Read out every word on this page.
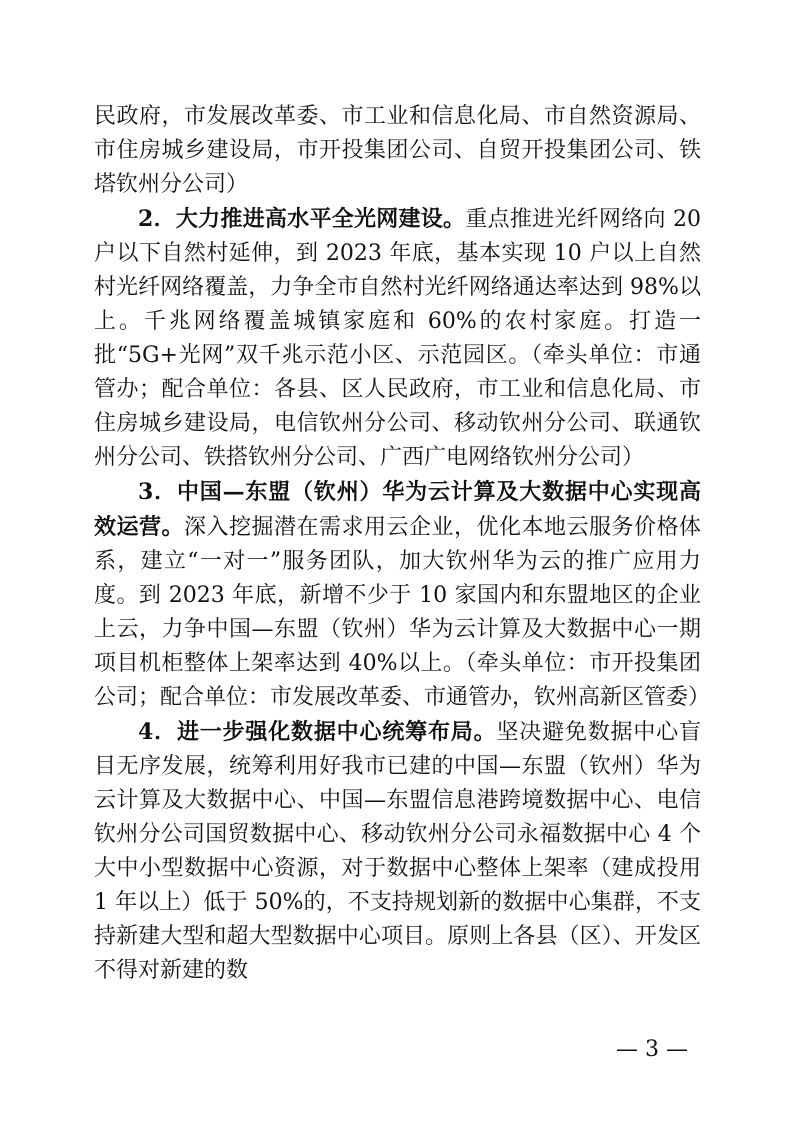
民政府，市发展改革委、市工业和信息化局、市自然资源局、市住房城乡建设局，市开投集团公司、自贸开投集团公司、铁塔钦州分公司）

2．大力推进高水平全光网建设。重点推进光纤网络向 20 户以下自然村延伸，到 2023 年底，基本实现 10 户以上自然村光纤网络覆盖，力争全市自然村光纤网络通达率达到 98%以上。千兆网络覆盖城镇家庭和 60%的农村家庭。打造一批“5G+光网”双千兆示范小区、示范园区。（牵头单位：市通管办；配合单位：各县、区人民政府，市工业和信息化局、市住房城乡建设局，电信钦州分公司、移动钦州分公司、联通钦州分公司、铁搭钦州分公司、广西广电网络钦州分公司）

3．中国—东盟（钦州）华为云计算及大数据中心实现高效运营。深入挖掘潜在需求用云企业，优化本地云服务价格体系，建立“一对一”服务团队，加大钦州华为云的推广应用力度。到 2023 年底，新增不少于 10 家国内和东盟地区的企业上云，力争中国—东盟（钦州）华为云计算及大数据中心一期项目机柜整体上架率达到 40%以上。（牵头单位：市开投集团公司；配合单位：市发展改革委、市通管办，钦州高新区管委）

4．进一步强化数据中心统筹布局。坚决避免数据中心盲目无序发展，统筹利用好我市已建的中国—东盟（钦州）华为云计算及大数据中心、中国—东盟信息港跨境数据中心、电信钦州分公司国贸数据中心、移动钦州分公司永福数据中心 4 个大中小型数据中心资源，对于数据中心整体上架率（建成投用 1 年以上）低于 50%的，不支持规划新的数据中心集群，不支持新建大型和超大型数据中心项目。原则上各县（区）、开发区不得对新建的数

— 3 —
